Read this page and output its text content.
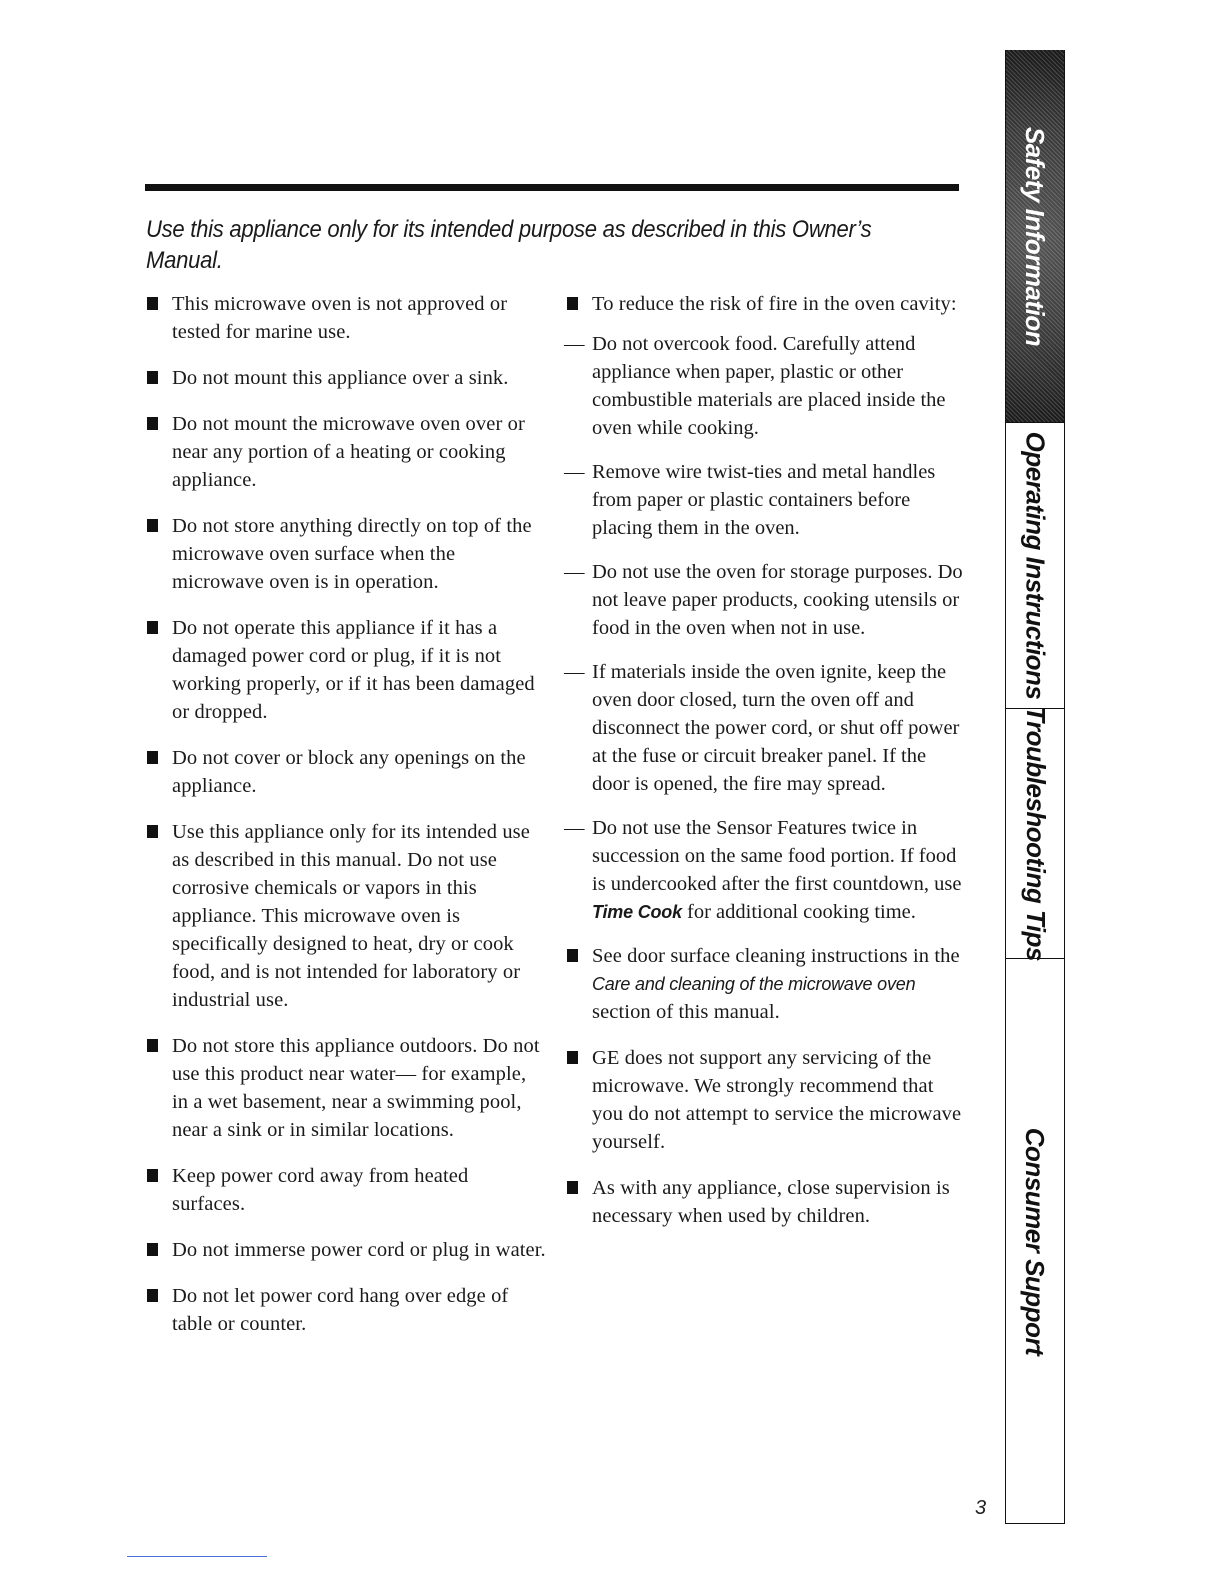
Use this appliance only for its intended purpose as described in this Owner’s Manual.
This microwave oven is not approved or tested for marine use.
Do not mount this appliance over a sink.
Do not mount the microwave oven over or near any portion of a heating or cooking appliance.
Do not store anything directly on top of the microwave oven surface when the microwave oven is in operation.
Do not operate this appliance if it has a damaged power cord or plug, if it is not working properly, or if it has been damaged or dropped.
Do not cover or block any openings on the appliance.
Use this appliance only for its intended use as described in this manual. Do not use corrosive chemicals or vapors in this appliance. This microwave oven is specifically designed to heat, dry or cook food, and is not intended for laboratory or industrial use.
Do not store this appliance outdoors. Do not use this product near water— for example, in a wet basement, near a swimming pool, near a sink or in similar locations.
Keep power cord away from heated surfaces.
Do not immerse power cord or plug in water.
Do not let power cord hang over edge of table or counter.
To reduce the risk of fire in the oven cavity:
— Do not overcook food. Carefully attend appliance when paper, plastic or other combustible materials are placed inside the oven while cooking.
— Remove wire twist-ties and metal handles from paper or plastic containers before placing them in the oven.
— Do not use the oven for storage purposes. Do not leave paper products, cooking utensils or food in the oven when not in use.
— If materials inside the oven ignite, keep the oven door closed, turn the oven off and disconnect the power cord, or shut off power at the fuse or circuit breaker panel. If the door is opened, the fire may spread.
— Do not use the Sensor Features twice in succession on the same food portion. If food is undercooked after the first countdown, use Time Cook for additional cooking time.
See door surface cleaning instructions in the Care and cleaning of the microwave oven section of this manual.
GE does not support any servicing of the microwave. We strongly recommend that you do not attempt to service the microwave yourself.
As with any appliance, close supervision is necessary when used by children.
Safety Information
Operating Instructions
Troubleshooting Tips
Consumer Support
3
